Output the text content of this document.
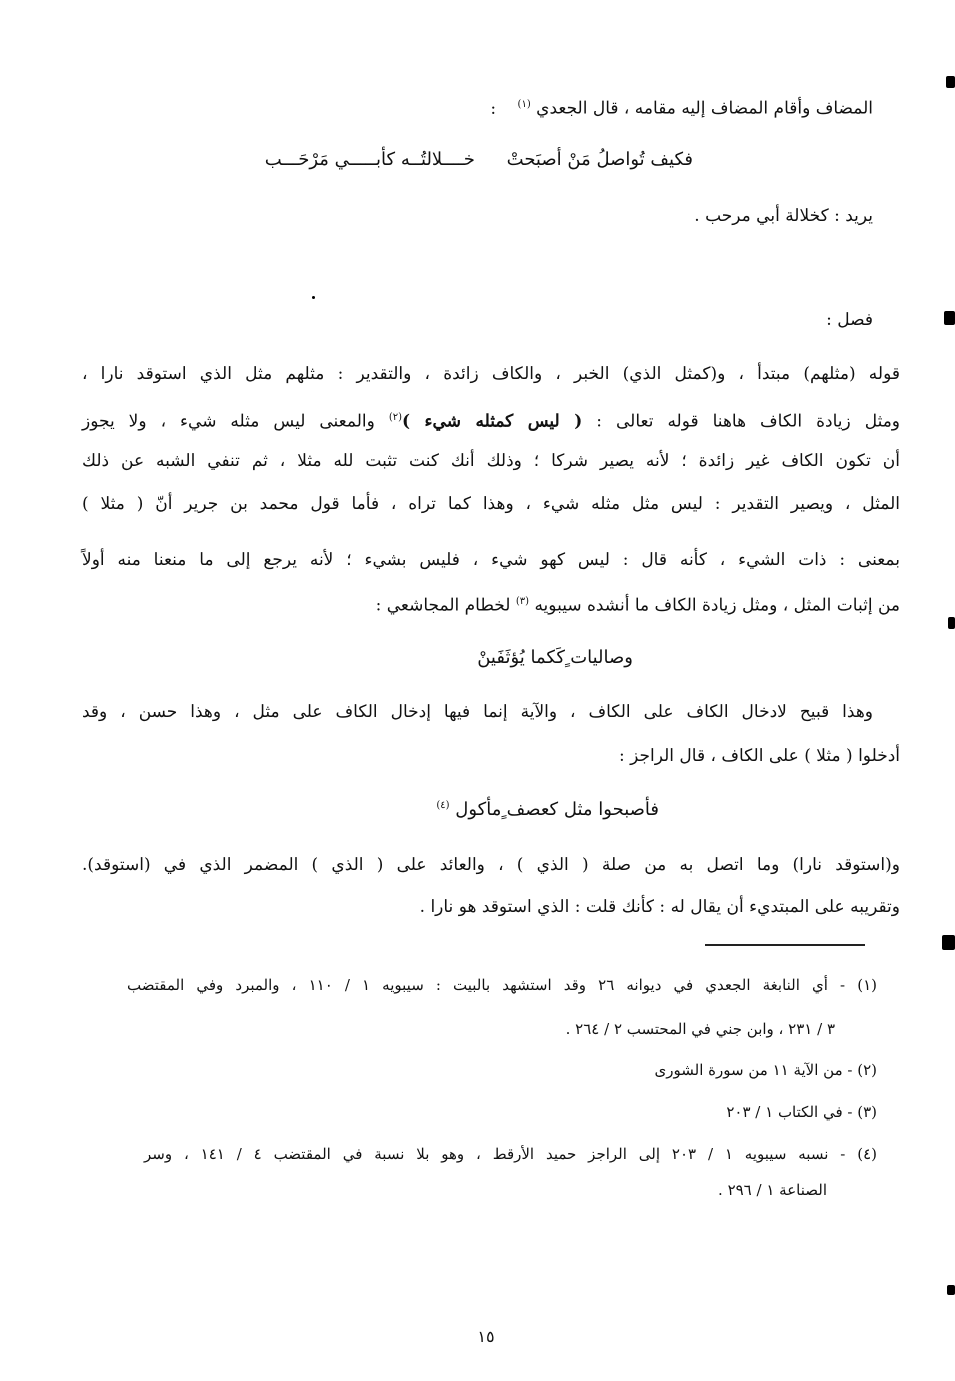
المضاف وأقام المضاف إليه مقامه ، قال الجعدي $^{(١)}$ :
فكيف تُواصلُ مَنْ أصبَحتْ خــــلالتُــه كأبـــــي مَرْحَـــب
يريد : كخلالة أبي مرحب .
فصل :
قوله (مثلهم) مبتدأ ، و(كمثل الذي) الخبر ، والكاف زائدة ، والتقدير : مثلهم مثل الذي استوقد نارا ،
ومثل زيادة الكاف هاهنا قوله تعالى : ( ليس كمثله شيء )$^{(٢)}$ والمعنى ليس مثله شيء ، ولا يجوز
أن تكون الكاف غير زائدة ؛ لأنه يصير شركا ؛ وذلك أنك كنت تثبت لله مثلا ، ثم تنفي الشبه عن ذلك
المثل ، ويصير التقدير : ليس مثل مثله شيء ، وهذا كما تراه ، فأما قول محمد بن جرير أنّ ( مثلا )
بمعنى : ذات الشيء ، كأنه قال : ليس كهو شيء ، فليس بشيء ؛ لأنه يرجع إلى ما منعنا منه أولاً
من إثبات المثل ، ومثل زيادة الكاف ما أنشده سيبويه $^{(٣)}$ لخطام المجاشعي :
وصاليات ٍكَكما يُؤثَفَينْ
وهذا قبيح لادخال الكاف على الكاف ، والآية إنما فيها إدخال الكاف على مثل ، وهذا حسن ، وقد
أدخلوا ( مثلا ) على الكاف ، قال الراجز :
فأصبحوا مثل كعصف ٍمأكول $^{(٤)}$
و(استوقد نارا) وما اتصل به من صلة ( الذي ) ، والعائد على ( الذي ) المضمر الذي في (استوقد).
وتقريبه على المبتديء أن يقال له : كأنك قلت : الذي استوقد هو نارا .
(١) - أي النابغة الجعدي في ديوانه ٢٦ وقد استشهد بالبيت : سيبويه ١ / ١١٠ ، والمبرد وفي المقتضب
٣ / ٢٣١ ، وابن جني في المحتسب ٢ / ٢٦٤ .
(٢) - من الآية ١١ من سورة الشورى
(٣) - في الكتاب ١ / ٢٠٣
(٤) - نسبه سيبويه ١ / ٢٠٣ إلى الراجز حميد الأرقط ، وهو بلا نسبة في المقتضب ٤ / ١٤١ ، وسر
الصناعة ١ / ٢٩٦ .
١٥
